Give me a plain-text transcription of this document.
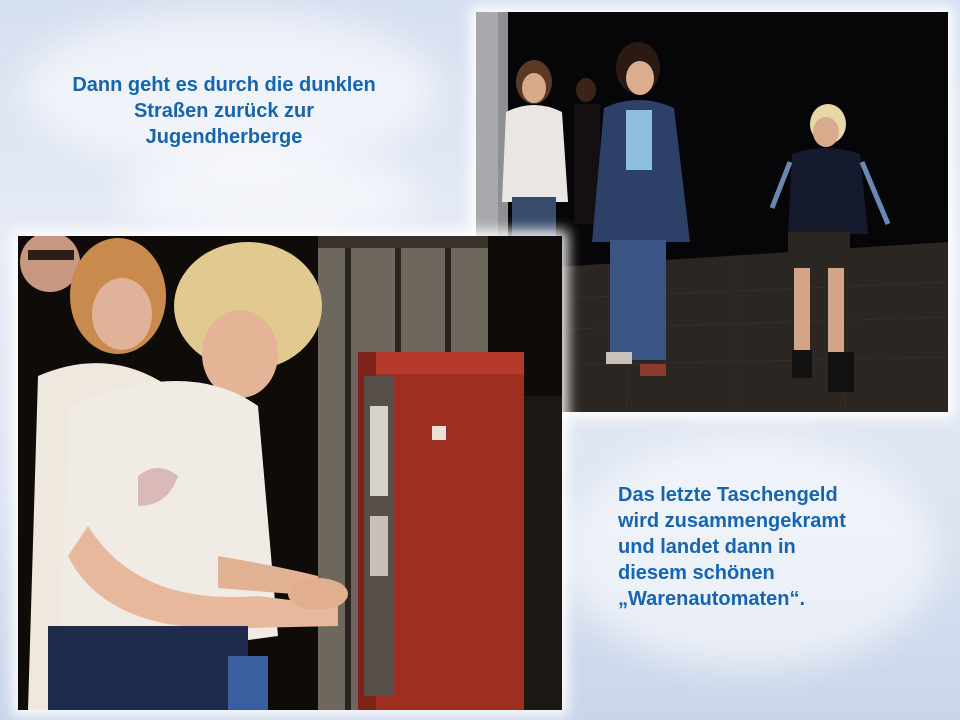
Dann geht es durch die dunklen
Straßen zurück zur
Jugendherberge
Das letzte Taschengeld
wird zusammengekramt
und landet dann in
diesem schönen
„Warenautomaten“.
